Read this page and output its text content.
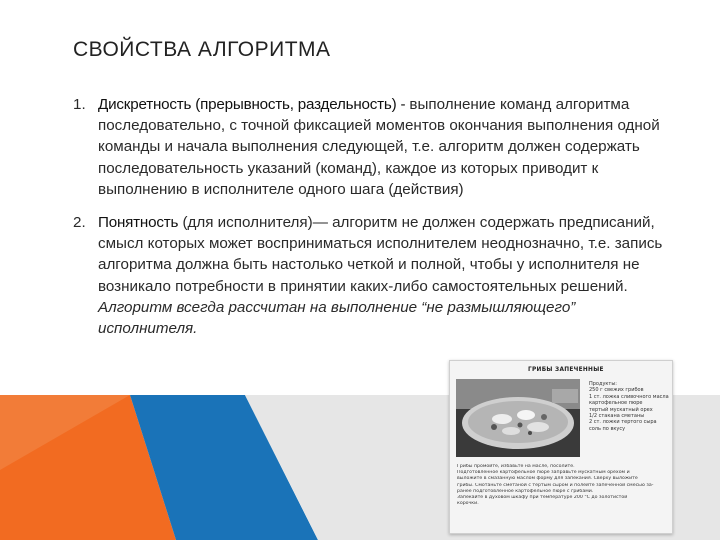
СВОЙСТВА АЛГОРИТМА
1. Дискретность (прерывность, раздельность) - выполнение команд алгоритма последовательно, с точной фиксацией моментов окончания выполнения одной команды и начала выполнения следующей, т.е. алгоритм должен содержать последовательность указаний (команд), каждое из которых приводит к выполнению в исполнителе одного шага (действия)
2. Понятность (для исполнителя)— алгоритм не должен содержать предписаний, смысл которых может восприниматься исполнителем неоднозначно, т.е. запись алгоритма должна быть настолько четкой и полной, чтобы у исполнителя не возникало потребности в принятии каких-либо самостоятельных решений. Алгоритм всегда рассчитан на выполнение “не размышляющего” исполнителя.
ГРИБЫ ЗАПЕЧЕННЫЕ
Продукты:
250 г свежих грибов
1 ст. ложка сливочного масла
картофельное пюре
тертый мускатный орех
1/2 стакана сметаны
2 ст. ложки тертого сыра
соль по вкусу
Грибы промойте, избавьте на масле, посолите.
Подготовленное картофельное пюре заправьте мускатным орехом и
выложите в смазанную маслом форму для запекания. Сверху выложите
грибы. Смотаньте сметаной с тертым сыром и полейте запеченной смесью за-
ранее подготовленное картофельное пюре с грибами.
Запекайте в духовом шкафу при температуре 200 °С до золотистой
корочки.
